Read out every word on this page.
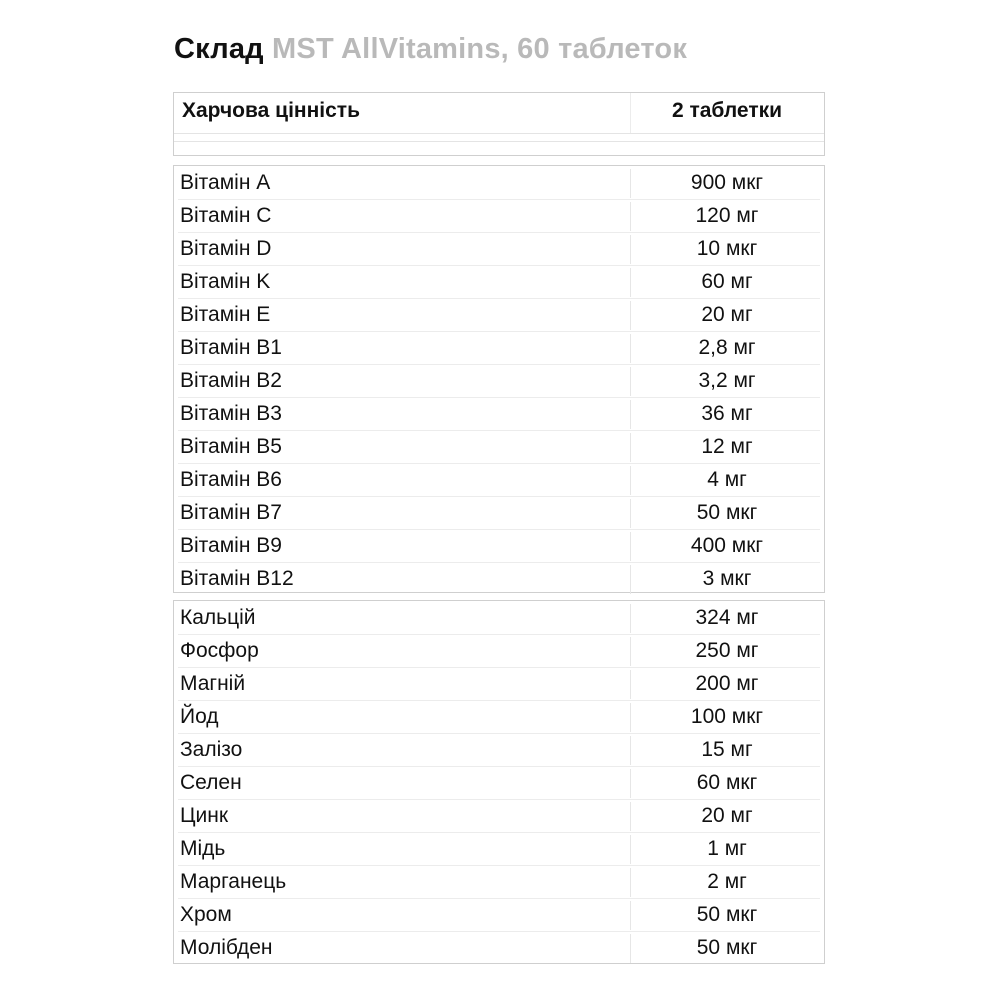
Склад MST AllVitamins, 60 таблеток
Харчова цінність	2 таблетки
Вітамін A	900 мкг
Вітамін C	120 мг
Вітамін D	10 мкг
Вітамін K	60 мг
Вітамін E	20 мг
Вітамін B1	2,8 мг
Вітамін B2	3,2 мг
Вітамін B3	36 мг
Вітамін B5	12 мг
Вітамін B6	4 мг
Вітамін B7	50 мкг
Вітамін B9	400 мкг
Вітамін B12	3 мкг
Кальцій	324 мг
Фосфор	250 мг
Магній	200 мг
Йод	100 мкг
Залізо	15 мг
Селен	60 мкг
Цинк	20 мг
Мідь	1 мг
Марганець	2 мг
Хром	50 мкг
Молібден	50 мкг
